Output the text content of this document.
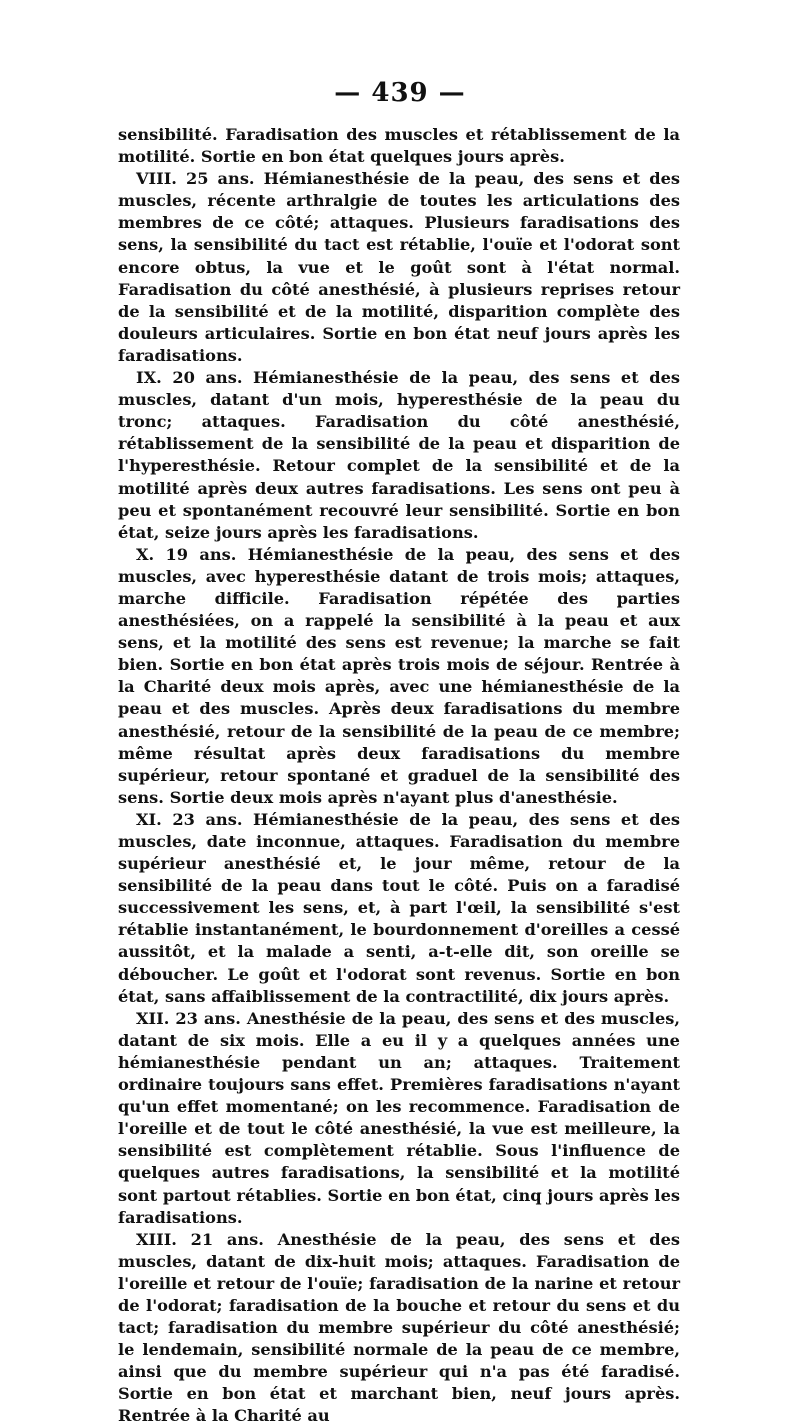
— 439 —

sensibilité. Faradisation des muscles et rétablissement de la motilité. Sortie en bon état quelques jours après.

VIII. 25 ans. Hémianesthésie de la peau, des sens et des muscles, récente arthralgie de toutes les articulations des membres de ce côté; attaques. Plusieurs faradisations des sens, la sensibilité du tact est rétablie, l'ouïe et l'odorat sont encore obtus, la vue et le goût sont à l'état normal. Faradisation du côté anesthésié, à plusieurs reprises retour de la sensibilité et de la motilité, disparition complète des douleurs articulaires. Sortie en bon état neuf jours après les faradisations.

IX. 20 ans. Hémianesthésie de la peau, des sens et des muscles, datant d'un mois, hyperesthésie de la peau du tronc; attaques. Faradisation du côté anesthésié, rétablissement de la sensibilité de la peau et disparition de l'hyperesthésie. Retour complet de la sensibilité et de la motilité après deux autres faradisations. Les sens ont peu à peu et spontanément recouvré leur sensibilité. Sortie en bon état, seize jours après les faradisations.

X. 19 ans. Hémianesthésie de la peau, des sens et des muscles, avec hyperesthésie datant de trois mois; attaques, marche difficile. Faradisation répétée des parties anesthésiées, on a rappelé la sensibilité à la peau et aux sens, et la motilité des sens est revenue; la marche se fait bien. Sortie en bon état après trois mois de séjour. Rentrée à la Charité deux mois après, avec une hémianesthésie de la peau et des muscles. Après deux faradisations du membre anesthésié, retour de la sensibilité de la peau de ce membre; même résultat après deux faradisations du membre supérieur, retour spontané et graduel de la sensibilité des sens. Sortie deux mois après n'ayant plus d'anesthésie.

XI. 23 ans. Hémianesthésie de la peau, des sens et des muscles, date inconnue, attaques. Faradisation du membre supérieur anesthésié et, le jour même, retour de la sensibilité de la peau dans tout le côté. Puis on a faradisé successivement les sens, et, à part l'œil, la sensibilité s'est rétablie instantanément, le bourdonnement d'oreilles a cessé aussitôt, et la malade a senti, a-t-elle dit, son oreille se déboucher. Le goût et l'odorat sont revenus. Sortie en bon état, sans affaiblissement de la contractilité, dix jours après.

XII. 23 ans. Anesthésie de la peau, des sens et des muscles, datant de six mois. Elle a eu il y a quelques années une hémianesthésie pendant un an; attaques. Traitement ordinaire toujours sans effet. Premières faradisations n'ayant qu'un effet momentané; on les recommence. Faradisation de l'oreille et de tout le côté anesthésié, la vue est meilleure, la sensibilité est complètement rétablie. Sous l'influence de quelques autres faradisations, la sensibilité et la motilité sont partout rétablies. Sortie en bon état, cinq jours après les faradisations.

XIII. 21 ans. Anesthésie de la peau, des sens et des muscles, datant de dix-huit mois; attaques. Faradisation de l'oreille et retour de l'ouïe; faradisation de la narine et retour de l'odorat; faradisation de la bouche et retour du sens et du tact; faradisation du membre supérieur du côté anesthésié; le lendemain, sensibilité normale de la peau de ce membre, ainsi que du membre supérieur qui n'a pas été faradisé. Sortie en bon état et marchant bien, neuf jours après. Rentrée à la Charité au
